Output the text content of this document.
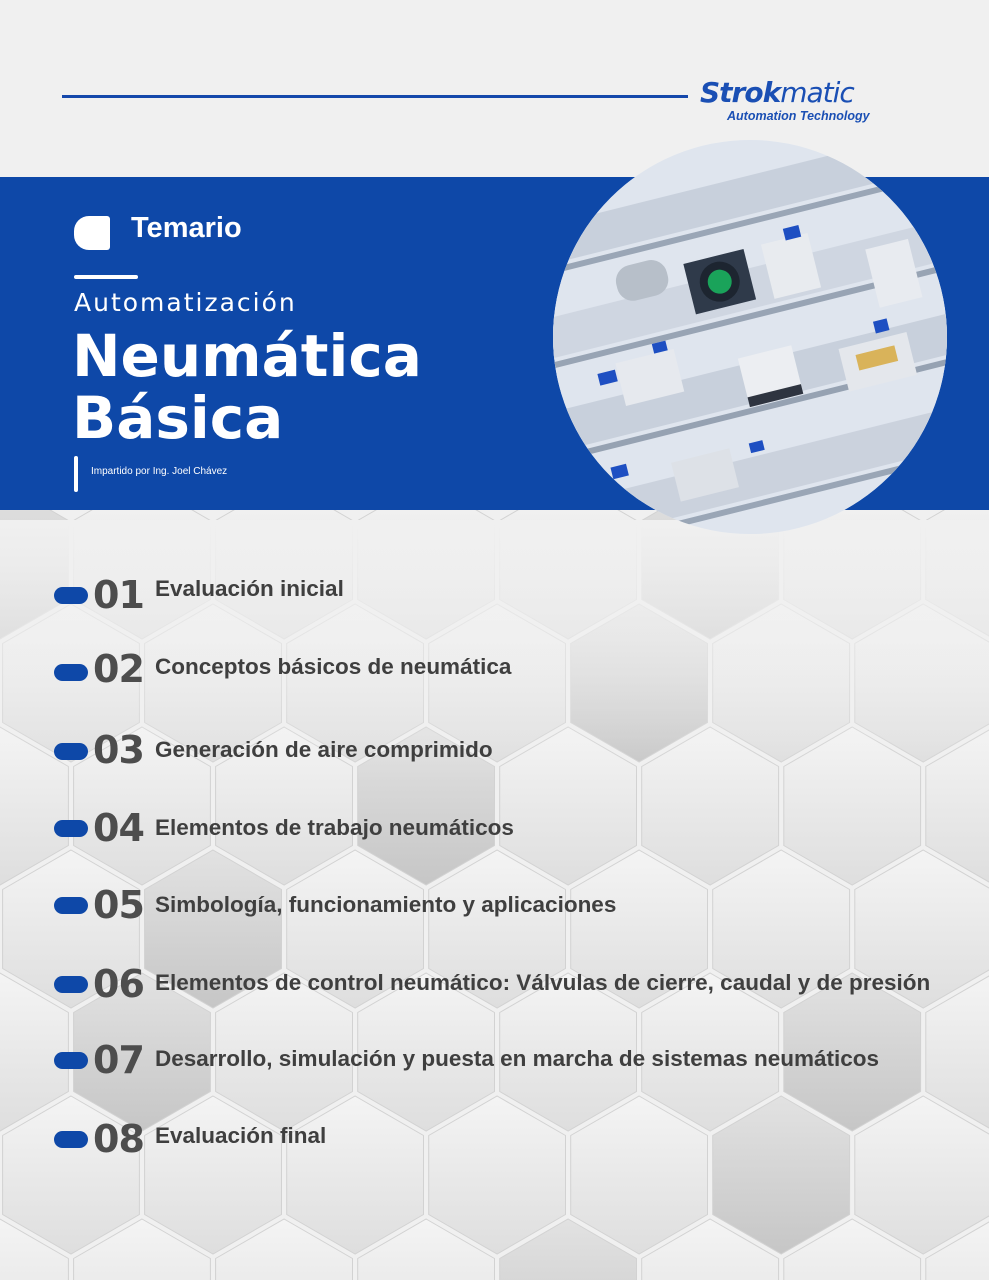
Strokmatic
Automation Technology
Temario
Automatización
Neumática
Básica
Impartido por Ing. Joel Chávez
01 Evaluación inicial
02 Conceptos básicos de neumática
03 Generación de aire comprimido
04 Elementos de trabajo neumáticos
05 Simbología, funcionamiento y aplicaciones
06 Elementos de control neumático: Válvulas de cierre, caudal y de presión
07 Desarrollo, simulación y puesta en marcha de sistemas neumáticos
08 Evaluación final
